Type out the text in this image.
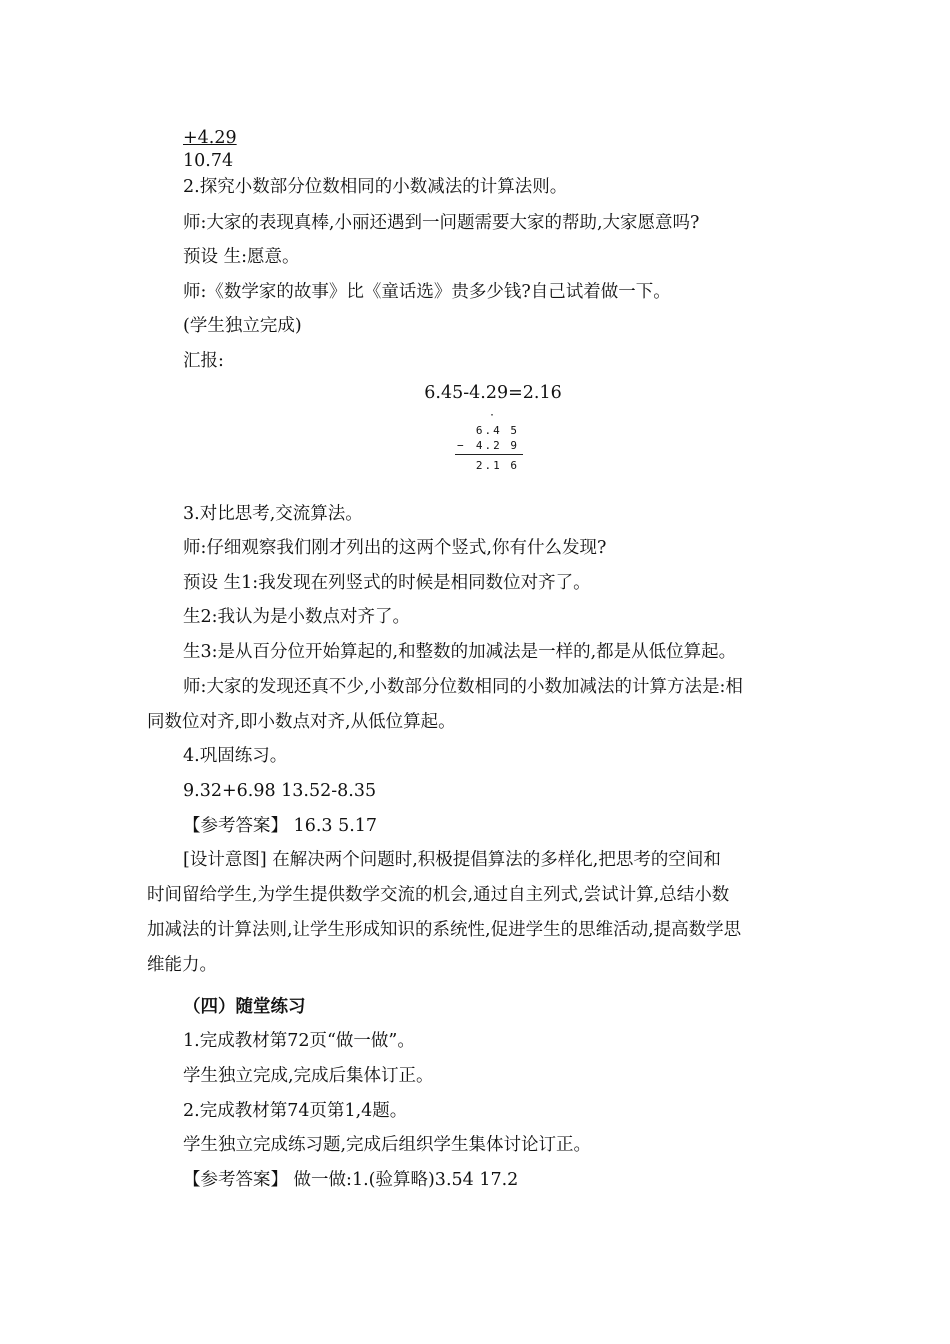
+4.29

10.74

2.探究小数部分位数相同的小数减法的计算法则。

师:大家的表现真棒,小丽还遇到一问题需要大家的帮助,大家愿意吗?

预设 生:愿意。

师:《数学家的故事》比《童话选》贵多少钱?自己试着做一下。

(学生独立完成)

汇报:

6.45-4.29=2.16

·
6.4 5
− 4.2 9
2.1 6

3.对比思考,交流算法。

师:仔细观察我们刚才列出的这两个竖式,你有什么发现?

预设 生1:我发现在列竖式的时候是相同数位对齐了。

生2:我认为是小数点对齐了。

生3:是从百分位开始算起的,和整数的加减法是一样的,都是从低位算起。

师:大家的发现还真不少,小数部分位数相同的小数加减法的计算方法是:相

同数位对齐,即小数点对齐,从低位算起。

4.巩固练习。

9.32+6.98 13.52-8.35

【参考答案】 16.3 5.17

[设计意图] 在解决两个问题时,积极提倡算法的多样化,把思考的空间和

时间留给学生,为学生提供数学交流的机会,通过自主列式,尝试计算,总结小数

加减法的计算法则,让学生形成知识的系统性,促进学生的思维活动,提高数学思

维能力。

（四）随堂练习

1.完成教材第72页“做一做”。

学生独立完成,完成后集体订正。

2.完成教材第74页第1,4题。

学生独立完成练习题,完成后组织学生集体讨论订正。

【参考答案】 做一做:1.(验算略)3.54 17.2
